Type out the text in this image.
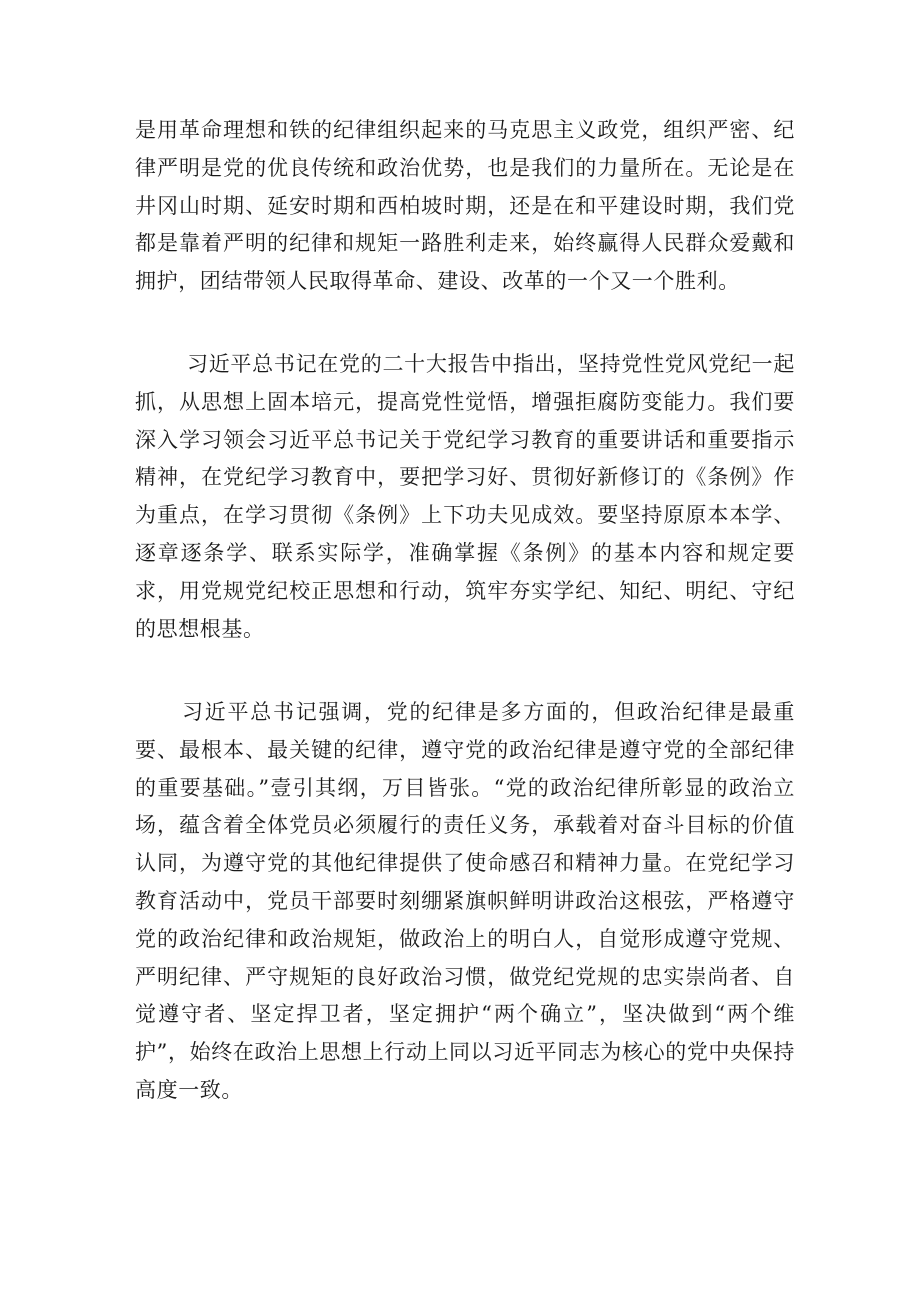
是用革命理想和铁的纪律组织起来的马克思主义政党，组织严密、纪律严明是党的优良传统和政治优势，也是我们的力量所在。无论是在井冈山时期、延安时期和西柏坡时期，还是在和平建设时期，我们党都是靠着严明的纪律和规矩一路胜利走来，始终赢得人民群众爱戴和拥护，团结带领人民取得革命、建设、改革的一个又一个胜利。

习近平总书记在党的二十大报告中指出，坚持党性党风党纪一起抓，从思想上固本培元，提高党性觉悟，增强拒腐防变能力。我们要深入学习领会习近平总书记关于党纪学习教育的重要讲话和重要指示精神，在党纪学习教育中，要把学习好、贯彻好新修订的《条例》作为重点，在学习贯彻《条例》上下功夫见成效。要坚持原原本本学、逐章逐条学、联系实际学，准确掌握《条例》的基本内容和规定要求，用党规党纪校正思想和行动，筑牢夯实学纪、知纪、明纪、守纪的思想根基。

习近平总书记强调，党的纪律是多方面的，但政治纪律是最重要、最根本、最关键的纪律，遵守党的政治纪律是遵守党的全部纪律的重要基础。”壹引其纲，万目皆张。“党的政治纪律所彰显的政治立场，蕴含着全体党员必须履行的责任义务，承载着对奋斗目标的价值认同，为遵守党的其他纪律提供了使命感召和精神力量。在党纪学习教育活动中，党员干部要时刻绷紧旗帜鲜明讲政治这根弦，严格遵守党的政治纪律和政治规矩，做政治上的明白人，自觉形成遵守党规、严明纪律、严守规矩的良好政治习惯，做党纪党规的忠实崇尚者、自觉遵守者、坚定捍卫者，坚定拥护“两个确立”，坚决做到“两个维护”，始终在政治上思想上行动上同以习近平同志为核心的党中央保持高度一致。
